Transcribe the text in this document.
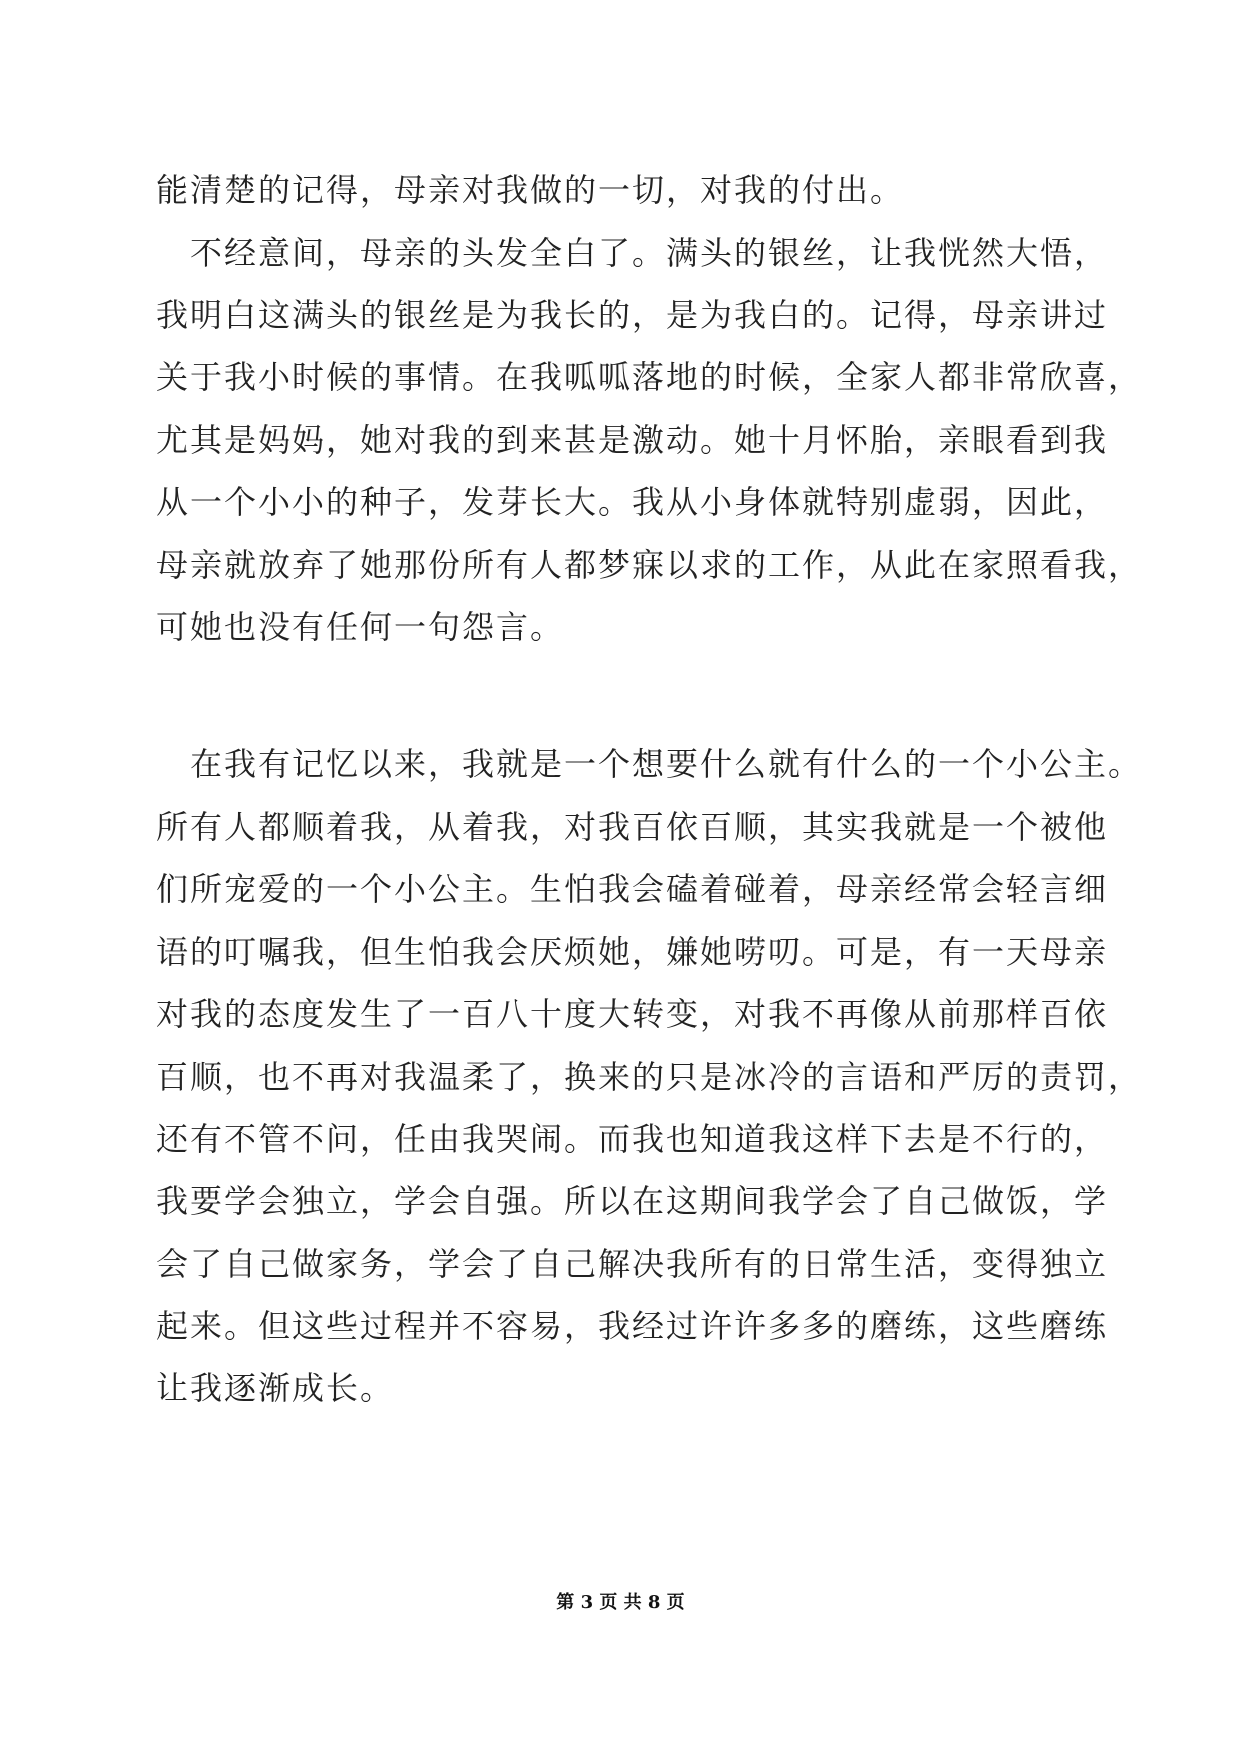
能清楚的记得，母亲对我做的一切，对我的付出。
不经意间，母亲的头发全白了。满头的银丝，让我恍然大悟，
我明白这满头的银丝是为我长的，是为我白的。记得，母亲讲过
关于我小时候的事情。在我呱呱落地的时候，全家人都非常欣喜，
尤其是妈妈，她对我的到来甚是激动。她十月怀胎，亲眼看到我
从一个小小的种子，发芽长大。我从小身体就特别虚弱，因此，
母亲就放弃了她那份所有人都梦寐以求的工作，从此在家照看我，
可她也没有任何一句怨言。
在我有记忆以来，我就是一个想要什么就有什么的一个小公主。
所有人都顺着我，从着我，对我百依百顺，其实我就是一个被他
们所宠爱的一个小公主。生怕我会磕着碰着，母亲经常会轻言细
语的叮嘱我，但生怕我会厌烦她，嫌她唠叨。可是，有一天母亲
对我的态度发生了一百八十度大转变，对我不再像从前那样百依
百顺，也不再对我温柔了，换来的只是冰冷的言语和严厉的责罚，
还有不管不问，任由我哭闹。而我也知道我这样下去是不行的，
我要学会独立，学会自强。所以在这期间我学会了自己做饭，学
会了自己做家务，学会了自己解决我所有的日常生活，变得独立
起来。但这些过程并不容易，我经过许许多多的磨练，这些磨练
让我逐渐成长。
第 3 页 共 8 页
